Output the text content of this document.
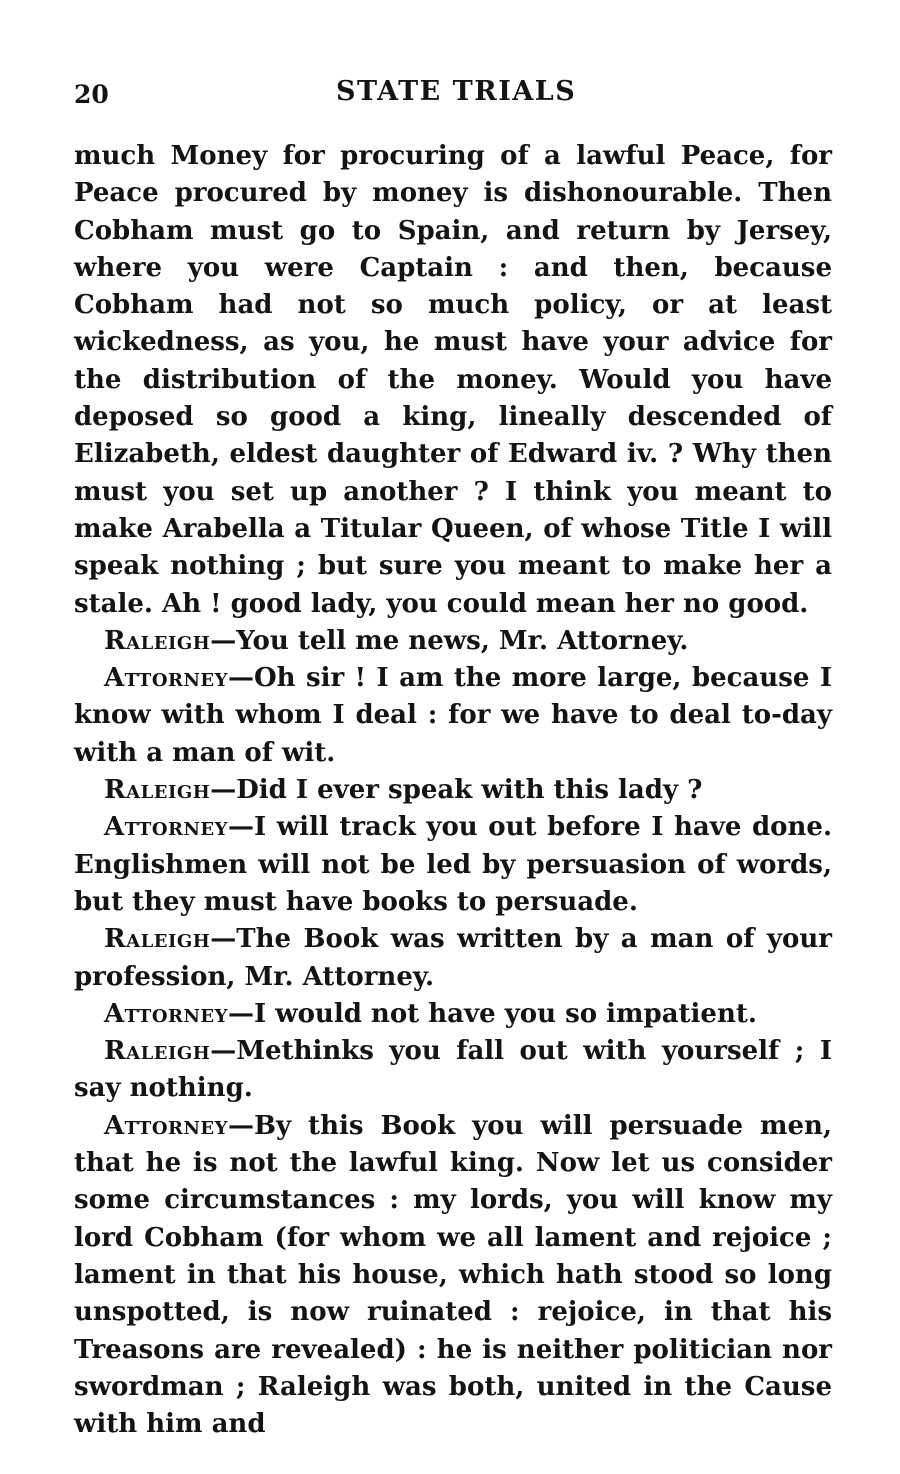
20	STATE TRIALS

much Money for procuring of a lawful Peace, for Peace procured by money is dishonourable. Then Cobham must go to Spain, and return by Jersey, where you were Captain : and then, because Cobham had not so much policy, or at least wickedness, as you, he must have your advice for the distribution of the money. Would you have deposed so good a king, lineally descended of Elizabeth, eldest daughter of Edward iv. ? Why then must you set up another ? I think you meant to make Arabella a Titular Queen, of whose Title I will speak nothing ; but sure you meant to make her a stale. Ah ! good lady, you could mean her no good.

Raleigh—You tell me news, Mr. Attorney.

Attorney—Oh sir ! I am the more large, because I know with whom I deal : for we have to deal to-day with a man of wit.

Raleigh—Did I ever speak with this lady ?

Attorney—I will track you out before I have done. Englishmen will not be led by persuasion of words, but they must have books to persuade.

Raleigh—The Book was written by a man of your profession, Mr. Attorney.

Attorney—I would not have you so impatient.

Raleigh—Methinks you fall out with yourself ; I say nothing.

Attorney—By this Book you will persuade men, that he is not the lawful king. Now let us consider some circumstances : my lords, you will know my lord Cobham (for whom we all lament and rejoice ; lament in that his house, which hath stood so long unspotted, is now ruinated : rejoice, in that his Treasons are revealed) : he is neither politician nor swordman ; Raleigh was both, united in the Cause with him and
